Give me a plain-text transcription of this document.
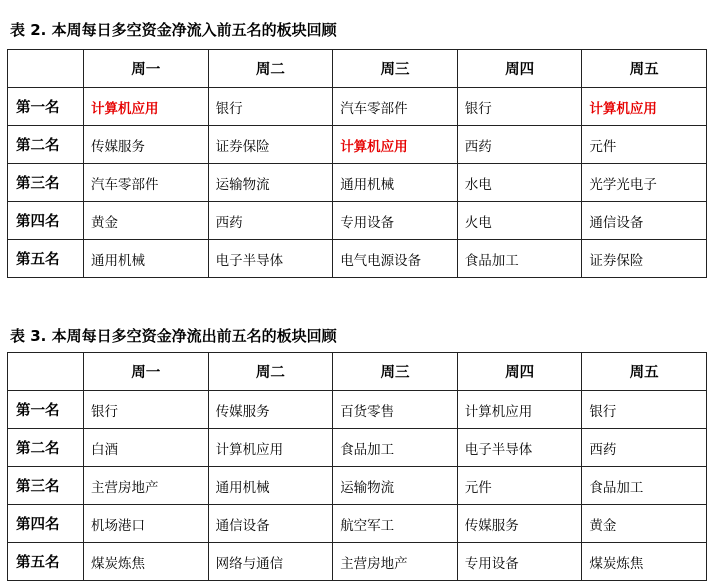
表 2. 本周每日多空资金净流入前五名的板块回顾
	周一	周二	周三	周四	周五
第一名	计算机应用	银行	汽车零部件	银行	计算机应用
第二名	传媒服务	证券保险	计算机应用	西药	元件
第三名	汽车零部件	运输物流	通用机械	水电	光学光电子
第四名	黄金	西药	专用设备	火电	通信设备
第五名	通用机械	电子半导体	电气电源设备	食品加工	证券保险
表 3. 本周每日多空资金净流出前五名的板块回顾
	周一	周二	周三	周四	周五
第一名	银行	传媒服务	百货零售	计算机应用	银行
第二名	白酒	计算机应用	食品加工	电子半导体	西药
第三名	主营房地产	通用机械	运输物流	元件	食品加工
第四名	机场港口	通信设备	航空军工	传媒服务	黄金
第五名	煤炭炼焦	网络与通信	主营房地产	专用设备	煤炭炼焦
